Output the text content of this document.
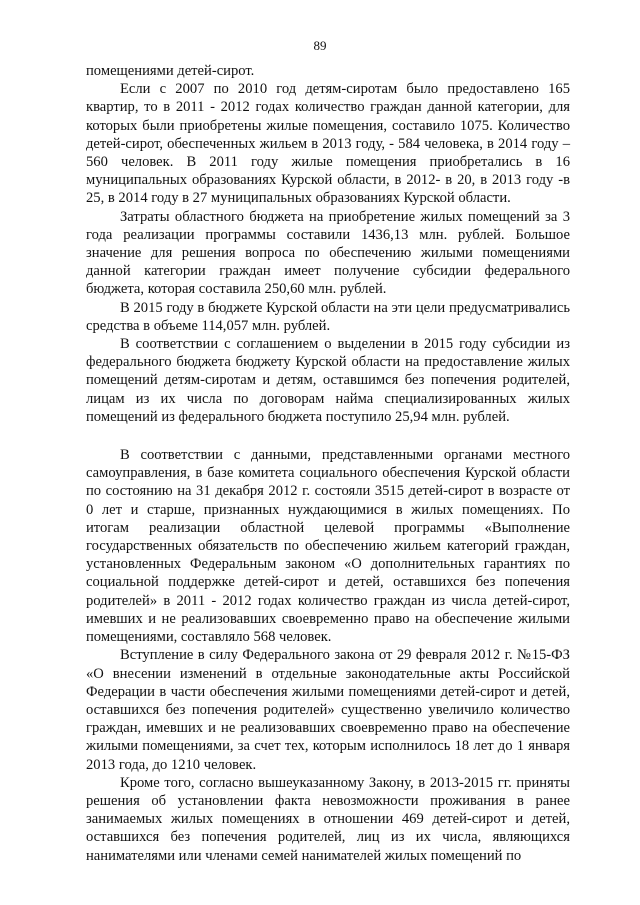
89

помещениями детей-сирот.

Если с 2007 по 2010 год детям-сиротам было предоставлено 165 квартир, то в 2011 - 2012 годах количество граждан данной категории, для которых были приобретены жилые помещения, составило 1075. Количество детей-сирот, обеспеченных жильем в 2013 году, - 584 человека, в 2014 году – 560 человек. В 2011 году жилые помещения приобретались в 16 муниципальных образованиях Курской области, в 2012- в 20, в 2013 году -в 25, в 2014 году в 27 муниципальных образованиях Курской области.

Затраты областного бюджета на приобретение жилых помещений за 3 года реализации программы составили 1436,13 млн. рублей. Большое значение для решения вопроса по обеспечению жилыми помещениями данной категории граждан имеет получение субсидии федерального бюджета, которая составила 250,60 млн. рублей.

В 2015 году в бюджете Курской области на эти цели предусматривались средства в объеме 114,057 млн. рублей.

В соответствии с соглашением о выделении в 2015 году субсидии из федерального бюджета бюджету Курской области на предоставление жилых помещений детям-сиротам и детям, оставшимся без попечения родителей, лицам из их числа по договорам найма специализированных жилых помещений из федерального бюджета поступило 25,94 млн. рублей.

В соответствии с данными, представленными органами местного самоуправления, в базе комитета социального обеспечения Курской области по состоянию на 31 декабря 2012 г. состояли 3515 детей-сирот в возрасте от 0 лет и старше, признанных нуждающимися в жилых помещениях. По итогам реализации областной целевой программы «Выполнение государственных обязательств по обеспечению жильем категорий граждан, установленных Федеральным законом «О дополнительных гарантиях по социальной поддержке детей-сирот и детей, оставшихся без попечения родителей» в 2011 - 2012 годах количество граждан из числа детей-сирот, имевших и не реализовавших своевременно право на обеспечение жилыми помещениями, составляло 568 человек.

Вступление в силу Федерального закона от 29 февраля 2012 г. №15-ФЗ «О внесении изменений в отдельные законодательные акты Российской Федерации в части обеспечения жилыми помещениями детей-сирот и детей, оставшихся без попечения родителей» существенно увеличило количество граждан, имевших и не реализовавших своевременно право на обеспечение жилыми помещениями, за счет тех, которым исполнилось 18 лет до 1 января 2013 года, до 1210 человек.

Кроме того, согласно вышеуказанному Закону, в 2013-2015 гг. приняты решения об установлении факта невозможности проживания в ранее занимаемых жилых помещениях в отношении 469 детей-сирот и детей, оставшихся без попечения родителей, лиц из их числа, являющихся нанимателями или членами семей нанимателей жилых помещений по
